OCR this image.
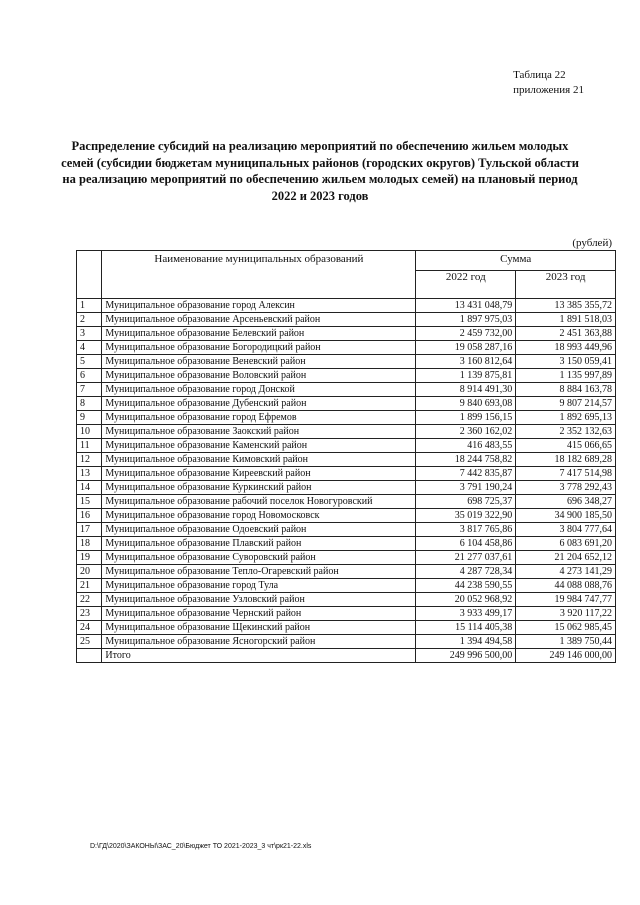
Таблица 22
приложения 21
Распределение субсидий на реализацию мероприятий по обеспечению жильем молодых
семей (субсидии бюджетам муниципальных районов (городских округов) Тульской области
на реализацию мероприятий по обеспечению жильем молодых семей) на плановый период
2022 и 2023 годов
(рублей)
	Наименование муниципальных образований	Сумма	
		2022 год	2023 год
1	Муниципальное образование город Алексин	13 431 048,79	13 385 355,72
2	Муниципальное образование Арсеньевский район	1 897 975,03	1 891 518,03
3	Муниципальное образование Белевский район	2 459 732,00	2 451 363,88
4	Муниципальное образование Богородицкий район	19 058 287,16	18 993 449,96
5	Муниципальное образование Веневский район	3 160 812,64	3 150 059,41
6	Муниципальное образование Воловский район	1 139 875,81	1 135 997,89
7	Муниципальное образование город Донской	8 914 491,30	8 884 163,78
8	Муниципальное образование Дубенский район	9 840 693,08	9 807 214,57
9	Муниципальное образование город Ефремов	1 899 156,15	1 892 695,13
10	Муниципальное образование Заокский район	2 360 162,02	2 352 132,63
11	Муниципальное образование Каменский район	416 483,55	415 066,65
12	Муниципальное образование Кимовский район	18 244 758,82	18 182 689,28
13	Муниципальное образование Киреевский район	7 442 835,87	7 417 514,98
14	Муниципальное образование Куркинский район	3 791 190,24	3 778 292,43
15	Муниципальное образование рабочий поселок Новогуровский	698 725,37	696 348,27
16	Муниципальное образование город Новомосковск	35 019 322,90	34 900 185,50
17	Муниципальное образование Одоевский район	3 817 765,86	3 804 777,64
18	Муниципальное образование Плавский район	6 104 458,86	6 083 691,20
19	Муниципальное образование Суворовский район	21 277 037,61	21 204 652,12
20	Муниципальное образование Тепло-Огаревский район	4 287 728,34	4 273 141,29
21	Муниципальное образование город Тула	44 238 590,55	44 088 088,76
22	Муниципальное образование Узловский район	20 052 968,92	19 984 747,77
23	Муниципальное образование Чернский район	3 933 499,17	3 920 117,22
24	Муниципальное образование Щекинский район	15 114 405,38	15 062 985,45
25	Муниципальное образование Ясногорский район	1 394 494,58	1 389 750,44
	Итого	249 996 500,00	249 146 000,00
D:\ГД\2020\ЗАКОНЫ\ЗАС_20\Бюджет ТО 2021-2023_3 чт\рк21-22.xls
